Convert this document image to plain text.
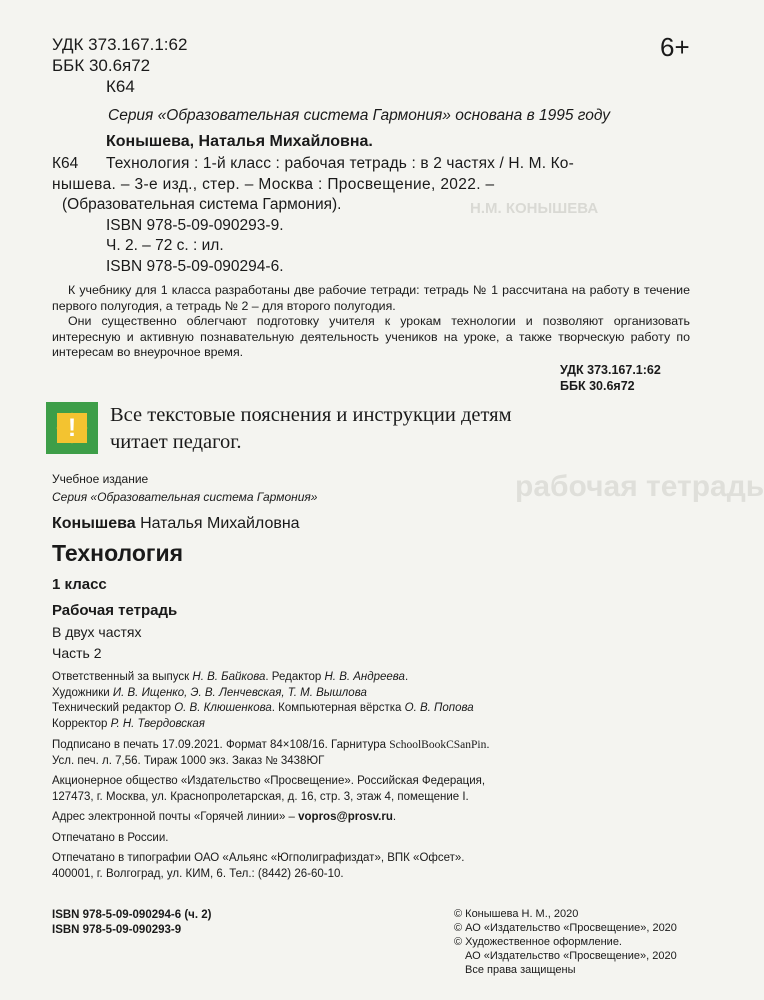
Н.М. КОНЫШЕВА
рабочая тетрадь
УДК 373.167.1:62
ББК 30.6я72
К64
6+
Серия «Образовательная система Гармония» основана в 1995 году
Конышева, Наталья Михайловна.
К64 Технология : 1-й класс : рабочая тетрадь : в 2 частях / Н. М. Ко-
нышева. – 3-е изд., стер. – Москва : Просвещение, 2022. –
(Образовательная система Гармония).
ISBN 978-5-09-090293-9.
Ч. 2. – 72 с. : ил.
ISBN 978-5-09-090294-6.

К учебнику для 1 класса разработаны две рабочие тетради: тетрадь № 1 рассчитана на работу в течение первого полугодия, а тетрадь № 2 – для второго полугодия.

Они существенно облегчают подготовку учителя к урокам технологии и позволяют организовать интересную и активную познавательную деятельность учеников на уроке, а также творческую работу по интересам во внеурочное время.

УДК 373.167.1:62
ББК 30.6я72
!	Все текстовые пояснения и инструкции детям
читает педагог.
Учебное издание
Серия «Образовательная система Гармония»
Конышева Наталья Михайловна
Технология
1 класс
Рабочая тетрадь
В двух частях
Часть 2
Ответственный за выпуск Н. В. Байкова. Редактор Н. В. Андреева.
Художники И. В. Ищенко, Э. В. Ленчевская, Т. М. Вышлова
Технический редактор О. В. Клюшенкова. Компьютерная вёрстка О. В. Попова
Корректор Р. Н. Твердовская
Подписано в печать 17.09.2021. Формат 84×108/16. Гарнитура SchoolBookCSanPin.
Усл. печ. л. 7,56. Тираж 1000 экз. Заказ № 3438ЮГ
Акционерное общество «Издательство «Просвещение». Российская Федерация,
127473, г. Москва, ул. Краснопролетарская, д. 16, стр. 3, этаж 4, помещение I.
Адрес электронной почты «Горячей линии» – vopros@prosv.ru.
Отпечатано в России.
Отпечатано в типографии ОАО «Альянс «Югполиграфиздат», ВПК «Офсет».
400001, г. Волгоград, ул. КИМ, 6. Тел.: (8442) 26-60-10.
ISBN 978-5-09-090294-6 (ч. 2)
ISBN 978-5-09-090293-9
© Конышева Н. М., 2020
© АО «Издательство «Просвещение», 2020
© Художественное оформление.
АО «Издательство «Просвещение», 2020
Все права защищены
